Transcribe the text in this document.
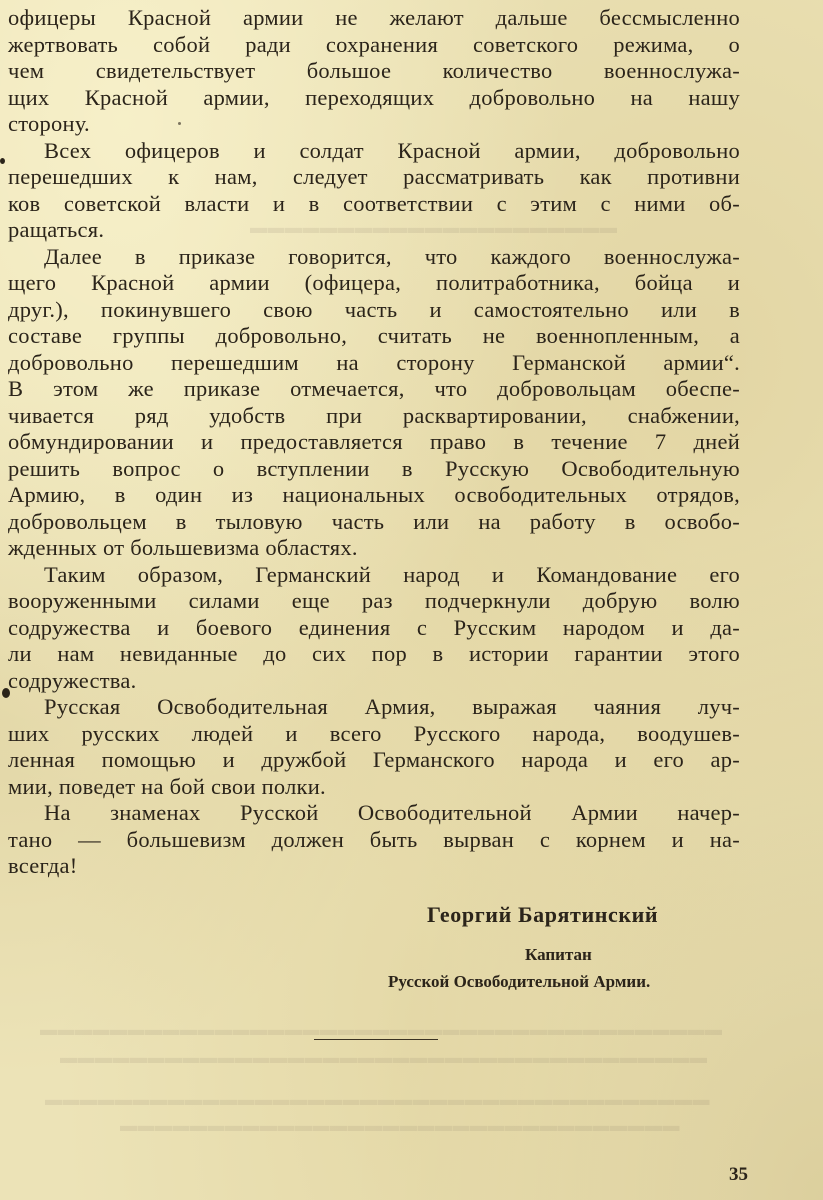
▬▬▬▬▬▬▬▬▬▬▬▬▬▬▬▬▬▬▬▬▬
▬▬▬▬▬▬▬▬▬▬▬▬▬▬▬▬▬▬▬▬▬▬▬▬▬▬▬▬▬▬▬▬▬▬▬▬▬▬▬
▬▬▬▬▬▬▬▬▬▬▬▬▬▬▬▬▬▬▬▬▬▬▬▬▬▬▬▬▬▬▬▬▬▬▬▬▬
▬▬▬▬▬▬▬▬▬▬▬▬▬▬▬▬▬▬▬▬▬▬▬▬▬▬▬▬▬▬▬▬▬▬▬▬▬▬
▬▬▬▬▬▬▬▬▬▬▬▬▬▬▬▬▬▬▬▬▬▬▬▬▬▬▬▬▬▬▬▬
офицеры Красной армии не желают дальше бессмысленно
жертвовать собой ради сохранения советского режима, о
чем свидетельствует большое количество военнослужа-
щих Красной армии, переходящих добровольно на нашу
сторону.
Всех офицеров и солдат Красной армии, добровольно
перешедших к нам, следует рассматривать как противни
ков советской власти и в соответствии с этим с ними об-
ращаться.
Далее в приказе говорится, что каждого военнослужа-
щего Красной армии (офицера, политработника, бойца и
друг.), покинувшего свою часть и самостоятельно или в
составе группы добровольно, считать не военнопленным, а
добровольно перешедшим на сторону Германской армии“.
В этом же приказе отмечается, что добровольцам обеспе-
чивается ряд удобств при расквартировании, снабжении,
обмундировании и предоставляется право в течение 7 дней
решить вопрос о вступлении в Русскую Освободительную
Армию, в один из национальных освободительных отрядов,
добровольцем в тыловую часть или на работу в освобо-
жденных от большевизма областях.
Таким образом, Германский народ и Командование его
вооруженными силами еще раз подчеркнули добрую волю
содружества и боевого единения с Русским народом и да-
ли нам невиданные до сих пор в истории гарантии этого
содружества.
Русская Освободительная Армия, выражая чаяния луч-
ших русских людей и всего Русского народа, воодушев-
ленная помощью и дружбой Германского народа и его ар-
мии, поведет на бой свои полки.
На знаменах Русской Освободительной Армии начер-
тано — большевизм должен быть вырван с корнем и на-
всегда!
Георгий Барятинский
Капитан
Русской Освободительной Армии.
35
